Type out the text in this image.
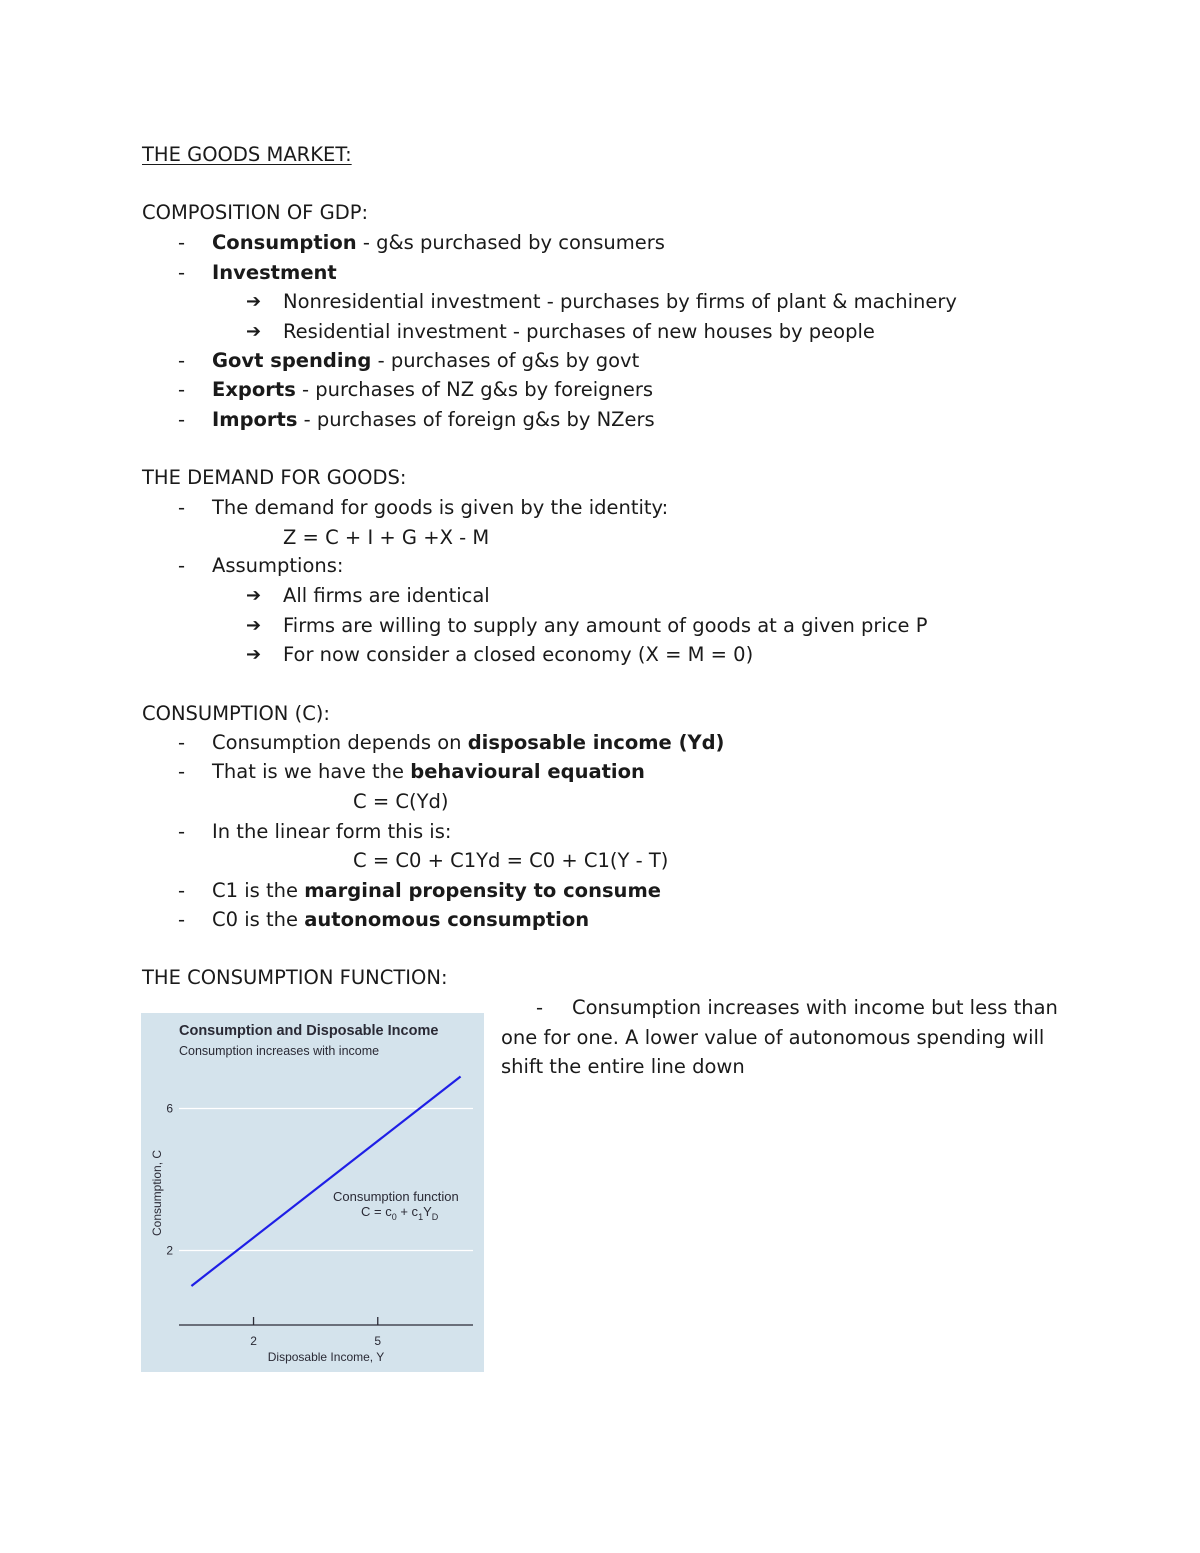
THE GOODS MARKET:
COMPOSITION OF GDP:
- Consumption - g&s purchased by consumers
- Investment
➔ Nonresidential investment - purchases by firms of plant & machinery
➔ Residential investment - purchases of new houses by people
- Govt spending - purchases of g&s by govt
- Exports - purchases of NZ g&s by foreigners
- Imports - purchases of foreign g&s by NZers
THE DEMAND FOR GOODS:
- The demand for goods is given by the identity:
Z = C + I + G +X - M
- Assumptions:
➔ All firms are identical
➔ Firms are willing to supply any amount of goods at a given price P
➔ For now consider a closed economy (X = M = 0)
CONSUMPTION (C):
- Consumption depends on disposable income (Yd)
- That is we have the behavioural equation
C = C(Yd)
- In the linear form this is:
C = C0 + C1Yd = C0 + C1(Y - T)
- C1 is the marginal propensity to consume
- C0 is the autonomous consumption
THE CONSUMPTION FUNCTION:
- Consumption increases with income but less than
one for one. A lower value of autonomous spending will
shift the entire line down
Consumption and Disposable Income
Consumption increases with income
2
6
2	5
Consumption, C
Disposable Income, Y
Consumption function
$C = c_0 + c_1Y_D$
